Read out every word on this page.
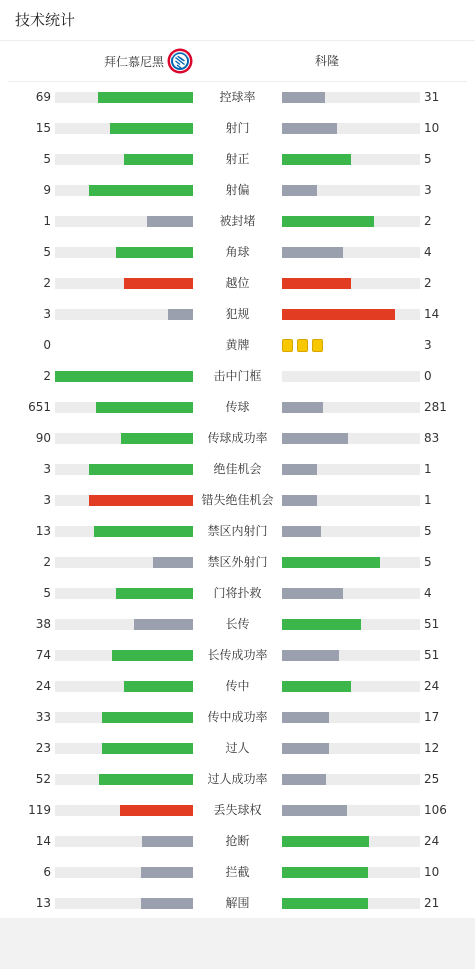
技术统计
拜仁慕尼黑	科隆
69	控球率	31
15	射门	10
5	射正	5
9	射偏	3
1	被封堵	2
5	角球	4
2	越位	2
3	犯规	14
0	黄牌	3
2	击中门框	0
651	传球	281
90	传球成功率	83
3	绝佳机会	1
3	错失绝佳机会	1
13	禁区内射门	5
2	禁区外射门	5
5	门将扑救	4
38	长传	51
74	长传成功率	51
24	传中	24
33	传中成功率	17
23	过人	12
52	过人成功率	25
119	丢失球权	106
14	抢断	24
6	拦截	10
13	解围	21
